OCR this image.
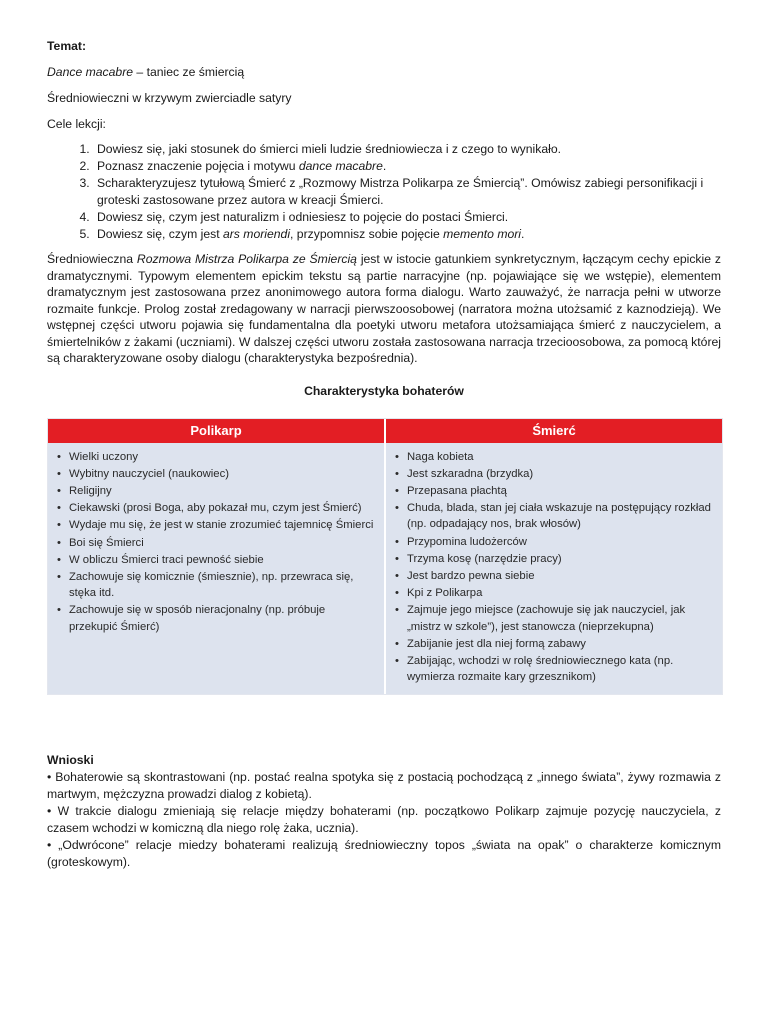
Temat:

Dance macabre – taniec ze śmiercią

Średniowieczni w krzywym zwierciadle satyry

Cele lekcji:

1. Dowiesz się, jaki stosunek do śmierci mieli ludzie średniowiecza i z czego to wynikało.
2. Poznasz znaczenie pojęcia i motywu dance macabre.
3. Scharakteryzujesz tytułową Śmierć z „Rozmowy Mistrza Polikarpa ze Śmiercią”. Omówisz zabiegi personifikacji i groteski zastosowane przez autora w kreacji Śmierci.
4. Dowiesz się, czym jest naturalizm i odniesiesz to pojęcie do postaci Śmierci.
5. Dowiesz się, czym jest ars moriendi, przypomnisz sobie pojęcie memento mori.

Średniowieczna Rozmowa Mistrza Polikarpa ze Śmiercią jest w istocie gatunkiem synkretycznym, łączącym cechy epickie z dramatycznymi. Typowym elementem epickim tekstu są partie narracyjne (np. pojawiające się we wstępie), elementem dramatycznym jest zastosowana przez anonimowego autora forma dialogu. Warto zauważyć, że narracja pełni w utworze rozmaite funkcje. Prolog został zredagowany w narracji pierwszoosobowej (narratora można utożsamić z kaznodzieją). We wstępnej części utworu pojawia się fundamentalna dla poetyki utworu metafora utożsamiająca śmierć z nauczycielem, a śmiertelników z żakami (uczniami). W dalszej części utworu została zastosowana narracja trzecioosobowa, za pomocą której są charakteryzowane osoby dialogu (charakterystyka bezpośrednia).

Charakterystyka bohaterów

Polikarp
• Wielki uczony
• Wybitny nauczyciel (naukowiec)
• Religijny
• Ciekawski (prosi Boga, aby pokazał mu, czym jest Śmierć)
• Wydaje mu się, że jest w stanie zrozumieć tajemnicę Śmierci
• Boi się Śmierci
• W obliczu Śmierci traci pewność siebie
• Zachowuje się komicznie (śmiesznie), np. przewraca się, stęka itd.
• Zachowuje się w sposób nieracjonalny (np. próbuje przekupić Śmierć)
Śmierć
• Naga kobieta
• Jest szkaradna (brzydka)
• Przepasana płachtą
• Chuda, blada, stan jej ciała wskazuje na postępujący rozkład (np. odpadający nos, brak włosów)
• Przypomina ludożerców
• Trzyma kosę (narzędzie pracy)
• Jest bardzo pewna siebie
• Kpi z Polikarpa
• Zajmuje jego miejsce (zachowuje się jak nauczyciel, jak „mistrz w szkole”), jest stanowcza (nieprzekupna)
• Zabijanie jest dla niej formą zabawy
• Zabijając, wchodzi w rolę średniowiecznego kata (np. wymierza rozmaite kary grzesznikom)

Wnioski

• Bohaterowie są skontrastowani (np. postać realna spotyka się z postacią pochodzącą z „innego świata”, żywy rozmawia z martwym, mężczyzna prowadzi dialog z kobietą).

• W trakcie dialogu zmieniają się relacje między bohaterami (np. początkowo Polikarp zajmuje pozycję nauczyciela, z czasem wchodzi w komiczną dla niego rolę żaka, ucznia).

• „Odwrócone” relacje miedzy bohaterami realizują średniowieczny topos „świata na opak” o charakterze komicznym (groteskowym).
